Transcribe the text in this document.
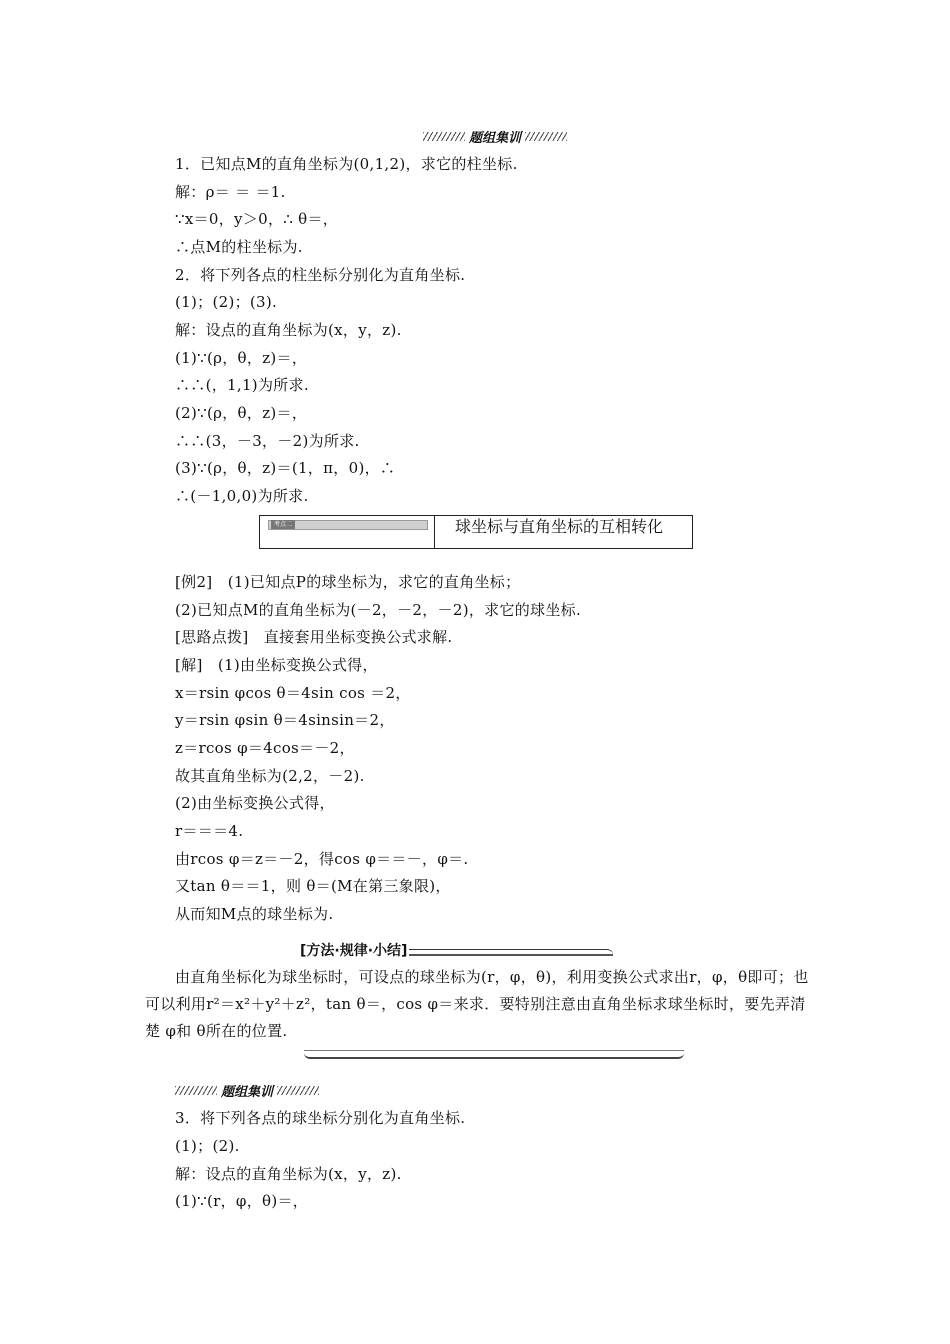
题组集训
1．已知点M的直角坐标为(0,1,2)，求它的柱坐标.
解：ρ＝ ＝ ＝1.
∵x＝0，y＞0，∴ θ＝，
∴点M的柱坐标为.
2．将下列各点的柱坐标分别化为直角坐标.
(1)；(2)；(3).
解：设点的直角坐标为(x，y，z).
(1)∵(ρ，θ，z)＝，
∴∴(，1,1)为所求.
(2)∵(ρ，θ，z)＝，
∴∴(3，－3，－2)为所求.
(3)∵(ρ，θ，z)＝(1，π，0)，∴
∴(－1,0,0)为所求.
考点二	球坐标与直角坐标的互相转化
[例2]　(1)已知点P的球坐标为，求它的直角坐标；
(2)已知点M的直角坐标为(－2，－2，－2)，求它的球坐标.
[思路点拨]　直接套用坐标变换公式求解.
[解]　(1)由坐标变换公式得，
x＝rsin φcos θ＝4sin cos ＝2，
y＝rsin φsin θ＝4sinsin＝2，
z＝rcos φ＝4cos＝－2，
故其直角坐标为(2,2，－2).
(2)由坐标变换公式得，
r＝＝＝4.
由rcos φ＝z＝－2，得cos φ＝＝－，φ＝.
又tan θ＝＝1，则 θ＝(M在第三象限)，
从而知M点的球坐标为.
[方法·规律·小结]
由直角坐标化为球坐标时，可设点的球坐标为(r，φ，θ)，利用变换公式求出r，φ，θ即可；也可以利用r²＝x²＋y²＋z²，tan θ＝，cos φ＝来求．要特别注意由直角坐标求球坐标时，要先弄清楚 φ和 θ所在的位置.
题组集训
3．将下列各点的球坐标分别化为直角坐标.
(1)；(2).
解：设点的直角坐标为(x，y，z).
(1)∵(r，φ，θ)＝，
